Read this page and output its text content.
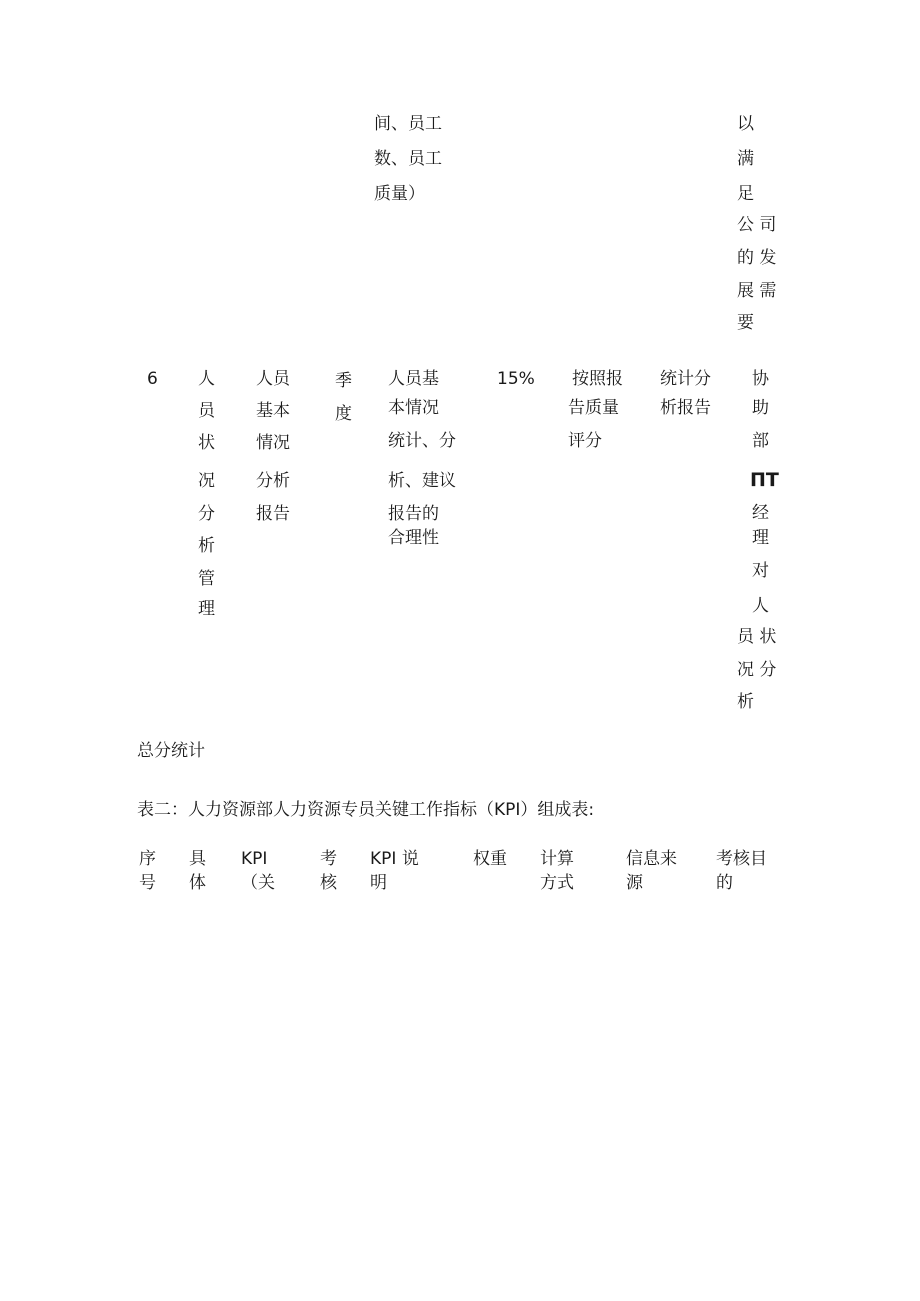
间、员工

数、员工

质量）

以

满

足

公 司

的 发

展 需

要

6 人

员

状

况

分

析

管

理

人员

基本

情况

分析

报告

季

度

人员基

本情况

统计、分

析、建议

报告的

合理性

15% 按照报

告质量

评分

统计分

析报告

协

助

部

ΠΤ

经

理

对

人

员 状

况 分

析

总分统计

表二：人力资源部人力资源专员关键工作指标（KPI）组成表:

序

号

具

体

KPI

（关

考

核

KPI 说

明

权重 计算

方式

信息来

源

考核目

的
